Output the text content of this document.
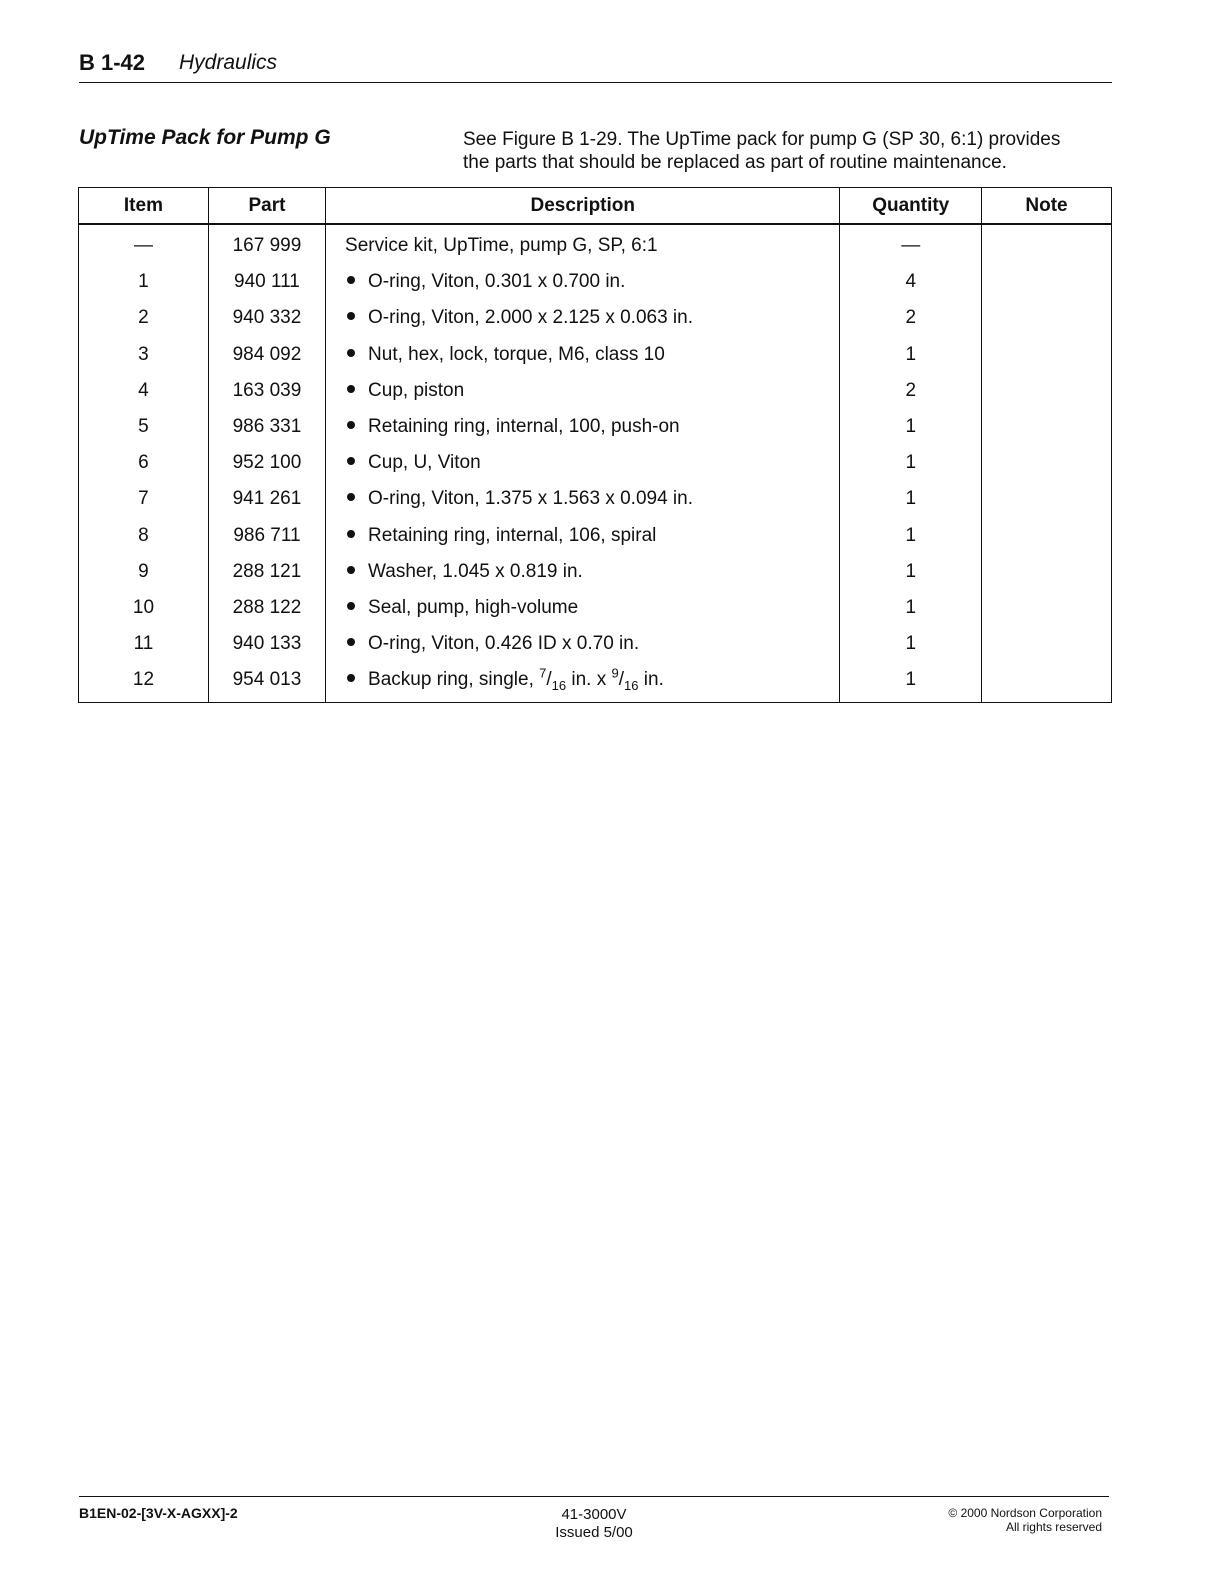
B 1-42 Hydraulics
UpTime Pack for Pump G	See Figure B 1-29. The UpTime pack for pump G (SP 30, 6:1) provides
the parts that should be replaced as part of routine maintenance.
Item	Part	Description	Quantity	Note
—	167 999	Service kit, UpTime, pump G, SP, 6:1	—	
1	940 111	O-ring, Viton, 0.301 x 0.700 in.	4	
2	940 332	O-ring, Viton, 2.000 x 2.125 x 0.063 in.	2	
3	984 092	Nut, hex, lock, torque, M6, class 10	1	
4	163 039	Cup, piston	2	
5	986 331	Retaining ring, internal, 100, push-on	1	
6	952 100	Cup, U, Viton	1	
7	941 261	O-ring, Viton, 1.375 x 1.563 x 0.094 in.	1	
8	986 711	Retaining ring, internal, 106, spiral	1	
9	288 121	Washer, 1.045 x 0.819 in.	1	
10	288 122	Seal, pump, high-volume	1	
11	940 133	O-ring, Viton, 0.426 ID x 0.70 in.	1	
12	954 013	Backup ring, single, $^7/_{16}$ in. x $^9/_{16}$ in.	1	
B1EN-02-[3V-X-AGXX]-2	41-3000V
Issued 5/00
© 2000 Nordson Corporation
All rights reserved
